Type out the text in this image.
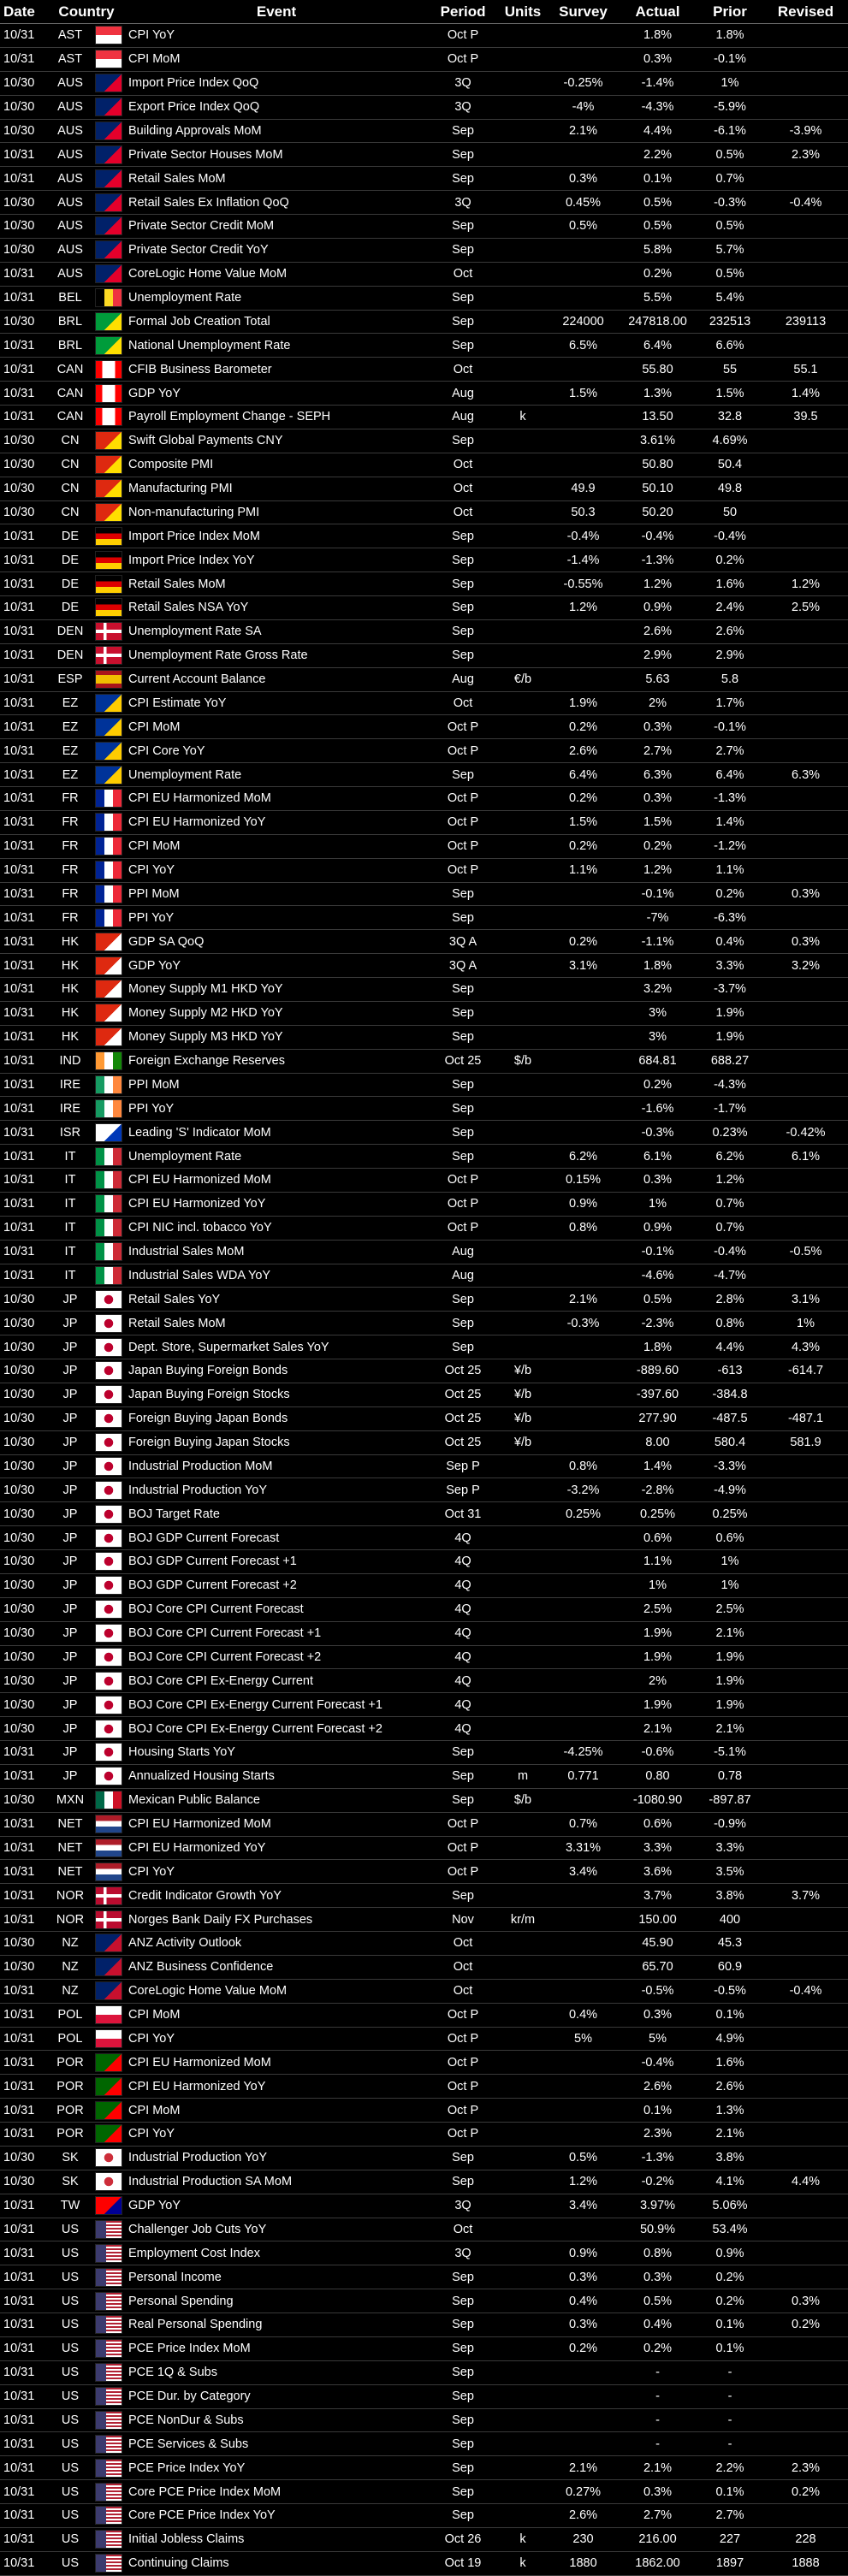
Date	Country		Event	Period	Units	Survey	Actual	Prior	Revised
10/31	AST		CPI YoY	Oct P			1.8%	1.8%	
10/31	AST		CPI MoM	Oct P			0.3%	-0.1%	
10/30	AUS		Import Price Index QoQ	3Q		-0.25%	-1.4%	1%	
10/30	AUS		Export Price Index QoQ	3Q		-4%	-4.3%	-5.9%	
10/30	AUS		Building Approvals MoM	Sep		2.1%	4.4%	-6.1%	-3.9%
10/31	AUS		Private Sector Houses MoM	Sep			2.2%	0.5%	2.3%
10/31	AUS		Retail Sales MoM	Sep		0.3%	0.1%	0.7%	
10/30	AUS		Retail Sales Ex Inflation QoQ	3Q		0.45%	0.5%	-0.3%	-0.4%
10/30	AUS		Private Sector Credit MoM	Sep		0.5%	0.5%	0.5%	
10/30	AUS		Private Sector Credit YoY	Sep			5.8%	5.7%	
10/31	AUS		CoreLogic Home Value MoM	Oct			0.2%	0.5%	
10/31	BEL		Unemployment Rate	Sep			5.5%	5.4%	
10/30	BRL		Formal Job Creation Total	Sep		224000	247818.00	232513	239113
10/31	BRL		National Unemployment Rate	Sep		6.5%	6.4%	6.6%	
10/31	CAN		CFIB Business Barometer	Oct			55.80	55	55.1
10/31	CAN		GDP YoY	Aug		1.5%	1.3%	1.5%	1.4%
10/31	CAN		Payroll Employment Change - SEPH	Aug	k		13.50	32.8	39.5
10/30	CN		Swift Global Payments CNY	Sep			3.61%	4.69%	
10/30	CN		Composite PMI	Oct			50.80	50.4	
10/30	CN		Manufacturing PMI	Oct		49.9	50.10	49.8	
10/30	CN		Non-manufacturing PMI	Oct		50.3	50.20	50	
10/31	DE		Import Price Index MoM	Sep		-0.4%	-0.4%	-0.4%	
10/31	DE		Import Price Index YoY	Sep		-1.4%	-1.3%	0.2%	
10/31	DE		Retail Sales MoM	Sep		-0.55%	1.2%	1.6%	1.2%
10/31	DE		Retail Sales NSA YoY	Sep		1.2%	0.9%	2.4%	2.5%
10/31	DEN		Unemployment Rate SA	Sep			2.6%	2.6%	
10/31	DEN		Unemployment Rate Gross Rate	Sep			2.9%	2.9%	
10/31	ESP		Current Account Balance	Aug	€/b		5.63	5.8	
10/31	EZ		CPI Estimate YoY	Oct		1.9%	2%	1.7%	
10/31	EZ		CPI MoM	Oct P		0.2%	0.3%	-0.1%	
10/31	EZ		CPI Core YoY	Oct P		2.6%	2.7%	2.7%	
10/31	EZ		Unemployment Rate	Sep		6.4%	6.3%	6.4%	6.3%
10/31	FR		CPI EU Harmonized MoM	Oct P		0.2%	0.3%	-1.3%	
10/31	FR		CPI EU Harmonized YoY	Oct P		1.5%	1.5%	1.4%	
10/31	FR		CPI MoM	Oct P		0.2%	0.2%	-1.2%	
10/31	FR		CPI YoY	Oct P		1.1%	1.2%	1.1%	
10/31	FR		PPI MoM	Sep			-0.1%	0.2%	0.3%
10/31	FR		PPI YoY	Sep			-7%	-6.3%	
10/31	HK		GDP SA QoQ	3Q A		0.2%	-1.1%	0.4%	0.3%
10/31	HK		GDP YoY	3Q A		3.1%	1.8%	3.3%	3.2%
10/31	HK		Money Supply M1 HKD YoY	Sep			3.2%	-3.7%	
10/31	HK		Money Supply M2 HKD YoY	Sep			3%	1.9%	
10/31	HK		Money Supply M3 HKD YoY	Sep			3%	1.9%	
10/31	IND		Foreign Exchange Reserves	Oct 25	$/b		684.81	688.27	
10/31	IRE		PPI MoM	Sep			0.2%	-4.3%	
10/31	IRE		PPI YoY	Sep			-1.6%	-1.7%	
10/31	ISR		Leading 'S' Indicator MoM	Sep			-0.3%	0.23%	-0.42%
10/31	IT		Unemployment Rate	Sep		6.2%	6.1%	6.2%	6.1%
10/31	IT		CPI EU Harmonized MoM	Oct P		0.15%	0.3%	1.2%	
10/31	IT		CPI EU Harmonized YoY	Oct P		0.9%	1%	0.7%	
10/31	IT		CPI NIC incl. tobacco YoY	Oct P		0.8%	0.9%	0.7%	
10/31	IT		Industrial Sales MoM	Aug			-0.1%	-0.4%	-0.5%
10/31	IT		Industrial Sales WDA YoY	Aug			-4.6%	-4.7%	
10/30	JP		Retail Sales YoY	Sep		2.1%	0.5%	2.8%	3.1%
10/30	JP		Retail Sales MoM	Sep		-0.3%	-2.3%	0.8%	1%
10/30	JP		Dept. Store, Supermarket Sales YoY	Sep			1.8%	4.4%	4.3%
10/30	JP		Japan Buying Foreign Bonds	Oct 25	¥/b		-889.60	-613	-614.7
10/30	JP		Japan Buying Foreign Stocks	Oct 25	¥/b		-397.60	-384.8	
10/30	JP		Foreign Buying Japan Bonds	Oct 25	¥/b		277.90	-487.5	-487.1
10/30	JP		Foreign Buying Japan Stocks	Oct 25	¥/b		8.00	580.4	581.9
10/30	JP		Industrial Production MoM	Sep P		0.8%	1.4%	-3.3%	
10/30	JP		Industrial Production YoY	Sep P		-3.2%	-2.8%	-4.9%	
10/30	JP		BOJ Target Rate	Oct 31		0.25%	0.25%	0.25%	
10/30	JP		BOJ GDP Current Forecast	4Q			0.6%	0.6%	
10/30	JP		BOJ GDP Current Forecast +1	4Q			1.1%	1%	
10/30	JP		BOJ GDP Current Forecast +2	4Q			1%	1%	
10/30	JP		BOJ Core CPI Current Forecast	4Q			2.5%	2.5%	
10/30	JP		BOJ Core CPI Current Forecast +1	4Q			1.9%	2.1%	
10/30	JP		BOJ Core CPI Current Forecast +2	4Q			1.9%	1.9%	
10/30	JP		BOJ Core CPI Ex-Energy Current	4Q			2%	1.9%	
10/30	JP		BOJ Core CPI Ex-Energy Current Forecast +1	4Q			1.9%	1.9%	
10/30	JP		BOJ Core CPI Ex-Energy Current Forecast +2	4Q			2.1%	2.1%	
10/31	JP		Housing Starts YoY	Sep		-4.25%	-0.6%	-5.1%	
10/31	JP		Annualized Housing Starts	Sep	m	0.771	0.80	0.78	
10/30	MXN		Mexican Public Balance	Sep	$/b		-1080.90	-897.87	
10/31	NET		CPI EU Harmonized MoM	Oct P		0.7%	0.6%	-0.9%	
10/31	NET		CPI EU Harmonized YoY	Oct P		3.31%	3.3%	3.3%	
10/31	NET		CPI YoY	Oct P		3.4%	3.6%	3.5%	
10/31	NOR		Credit Indicator Growth YoY	Sep			3.7%	3.8%	3.7%
10/31	NOR		Norges Bank Daily FX Purchases	Nov	kr/m		150.00	400	
10/30	NZ		ANZ Activity Outlook	Oct			45.90	45.3	
10/30	NZ		ANZ Business Confidence	Oct			65.70	60.9	
10/31	NZ		CoreLogic Home Value MoM	Oct			-0.5%	-0.5%	-0.4%
10/31	POL		CPI MoM	Oct P		0.4%	0.3%	0.1%	
10/31	POL		CPI YoY	Oct P		5%	5%	4.9%	
10/31	POR		CPI EU Harmonized MoM	Oct P			-0.4%	1.6%	
10/31	POR		CPI EU Harmonized YoY	Oct P			2.6%	2.6%	
10/31	POR		CPI MoM	Oct P			0.1%	1.3%	
10/31	POR		CPI YoY	Oct P			2.3%	2.1%	
10/30	SK		Industrial Production YoY	Sep		0.5%	-1.3%	3.8%	
10/30	SK		Industrial Production SA MoM	Sep		1.2%	-0.2%	4.1%	4.4%
10/31	TW		GDP YoY	3Q		3.4%	3.97%	5.06%	
10/31	US		Challenger Job Cuts YoY	Oct			50.9%	53.4%	
10/31	US		Employment Cost Index	3Q		0.9%	0.8%	0.9%	
10/31	US		Personal Income	Sep		0.3%	0.3%	0.2%	
10/31	US		Personal Spending	Sep		0.4%	0.5%	0.2%	0.3%
10/31	US		Real Personal Spending	Sep		0.3%	0.4%	0.1%	0.2%
10/31	US		PCE Price Index MoM	Sep		0.2%	0.2%	0.1%	
10/31	US		PCE 1Q & Subs	Sep			-	-	
10/31	US		PCE Dur. by Category	Sep			-	-	
10/31	US		PCE NonDur & Subs	Sep			-	-	
10/31	US		PCE Services & Subs	Sep			-	-	
10/31	US		PCE Price Index YoY	Sep		2.1%	2.1%	2.2%	2.3%
10/31	US		Core PCE Price Index MoM	Sep		0.27%	0.3%	0.1%	0.2%
10/31	US		Core PCE Price Index YoY	Sep		2.6%	2.7%	2.7%	
10/31	US		Initial Jobless Claims	Oct 26	k	230	216.00	227	228
10/31	US		Continuing Claims	Oct 19	k	1880	1862.00	1897	1888
